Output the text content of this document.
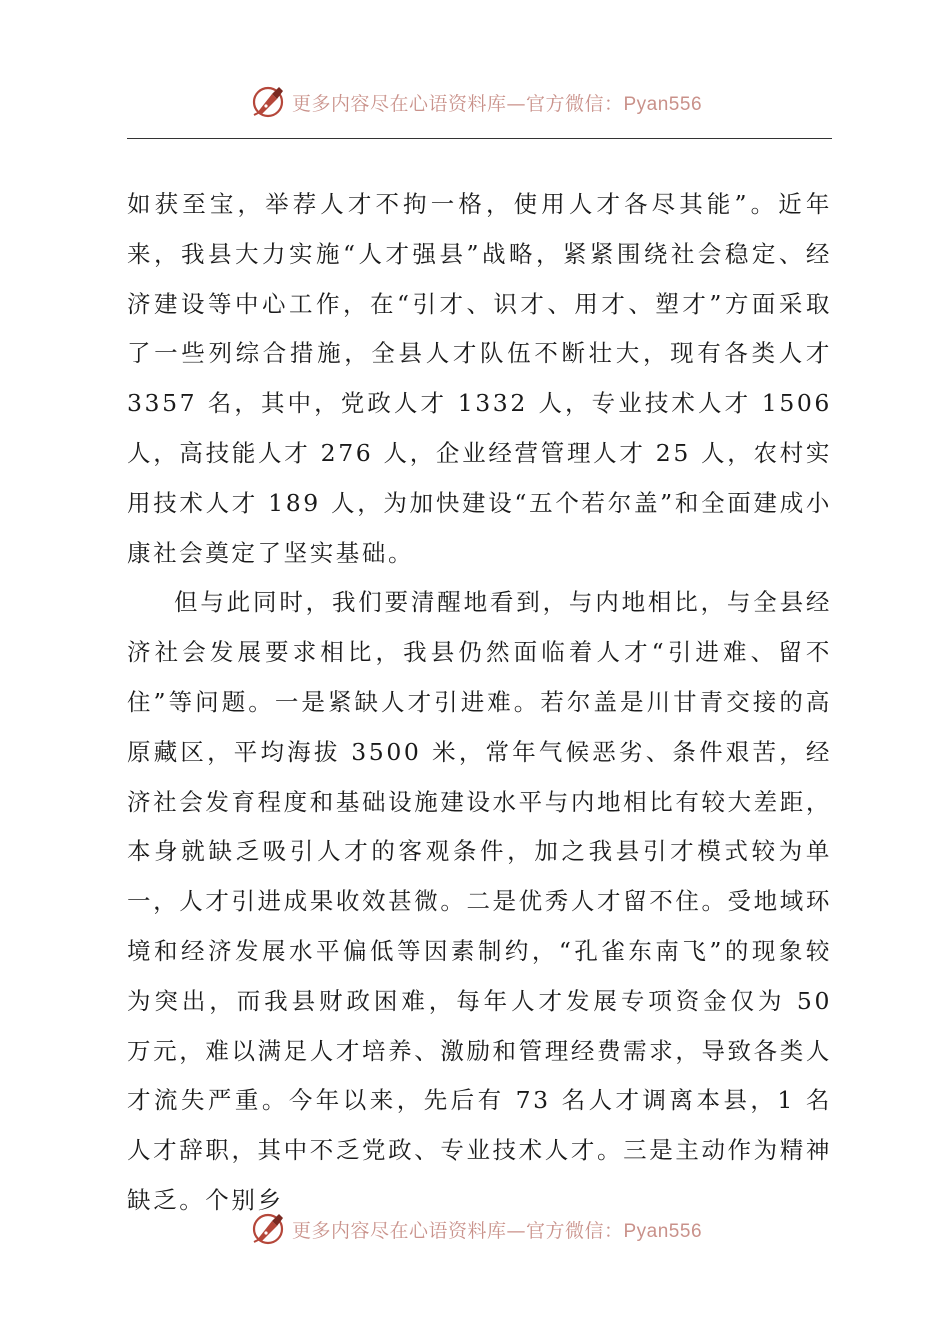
更多内容尽在心语资料库—官方微信：Pyan556

如获至宝，举荐人才不拘一格，使用人才各尽其能”。近年来，我县大力实施“人才强县”战略，紧紧围绕社会稳定、经济建设等中心工作，在“引才、识才、用才、塑才”方面采取了一些列综合措施，全县人才队伍不断壮大，现有各类人才 3357 名，其中，党政人才 1332 人，专业技术人才 1506 人，高技能人才 276 人，企业经营管理人才 25 人，农村实用技术人才 189 人，为加快建设“五个若尔盖”和全面建成小康社会奠定了坚实基础。

但与此同时，我们要清醒地看到，与内地相比，与全县经济社会发展要求相比，我县仍然面临着人才“引进难、留不住”等问题。一是紧缺人才引进难。若尔盖是川甘青交接的高原藏区，平均海拔 3500 米，常年气候恶劣、条件艰苦，经济社会发育程度和基础设施建设水平与内地相比有较大差距，本身就缺乏吸引人才的客观条件，加之我县引才模式较为单一，人才引进成果收效甚微。二是优秀人才留不住。受地域环境和经济发展水平偏低等因素制约，“孔雀东南飞”的现象较为突出，而我县财政困难，每年人才发展专项资金仅为 50 万元，难以满足人才培养、激励和管理经费需求，导致各类人才流失严重。今年以来，先后有 73 名人才调离本县，1 名人才辞职，其中不乏党政、专业技术人才。三是主动作为精神缺乏。个别乡

更多内容尽在心语资料库—官方微信：Pyan556
